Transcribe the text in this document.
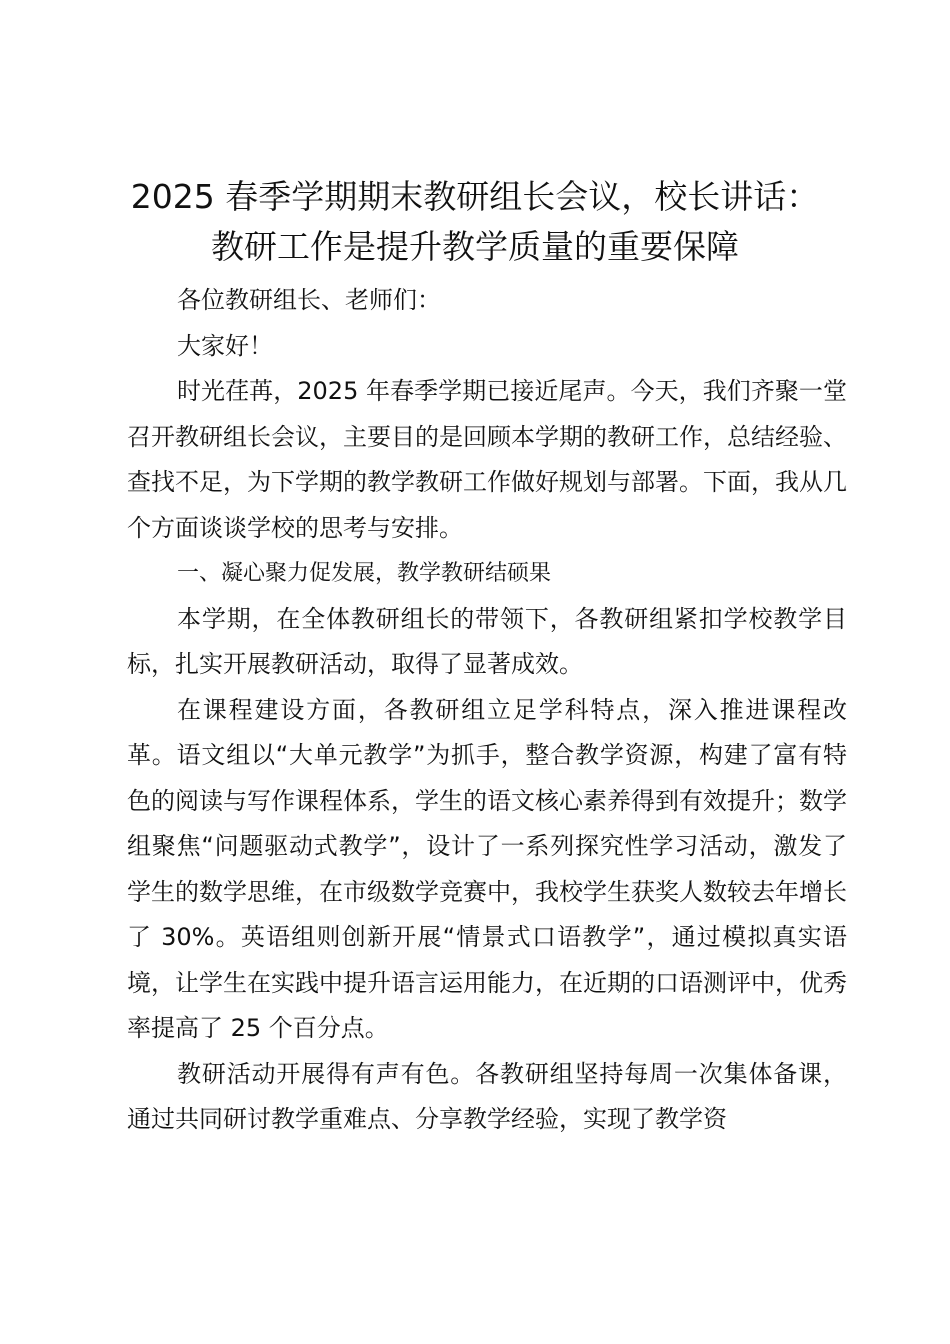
2025 春季学期期末教研组长会议，校长讲话：
教研工作是提升教学质量的重要保障

各位教研组长、老师们：

大家好！

时光荏苒，2025 年春季学期已接近尾声。今天，我们齐聚一堂召开教研组长会议，主要目的是回顾本学期的教研工作，总结经验、查找不足，为下学期的教学教研工作做好规划与部署。下面，我从几个方面谈谈学校的思考与安排。

一、凝心聚力促发展，教学教研结硕果

本学期，在全体教研组长的带领下，各教研组紧扣学校教学目标，扎实开展教研活动，取得了显著成效。

在课程建设方面，各教研组立足学科特点，深入推进课程改革。语文组以“大单元教学”为抓手，整合教学资源，构建了富有特色的阅读与写作课程体系，学生的语文核心素养得到有效提升；数学组聚焦“问题驱动式教学”，设计了一系列探究性学习活动，激发了学生的数学思维，在市级数学竞赛中，我校学生获奖人数较去年增长了 30%。英语组则创新开展“情景式口语教学”，通过模拟真实语境，让学生在实践中提升语言运用能力，在近期的口语测评中，优秀率提高了 25 个百分点。

教研活动开展得有声有色。各教研组坚持每周一次集体备课，通过共同研讨教学重难点、分享教学经验，实现了教学资
